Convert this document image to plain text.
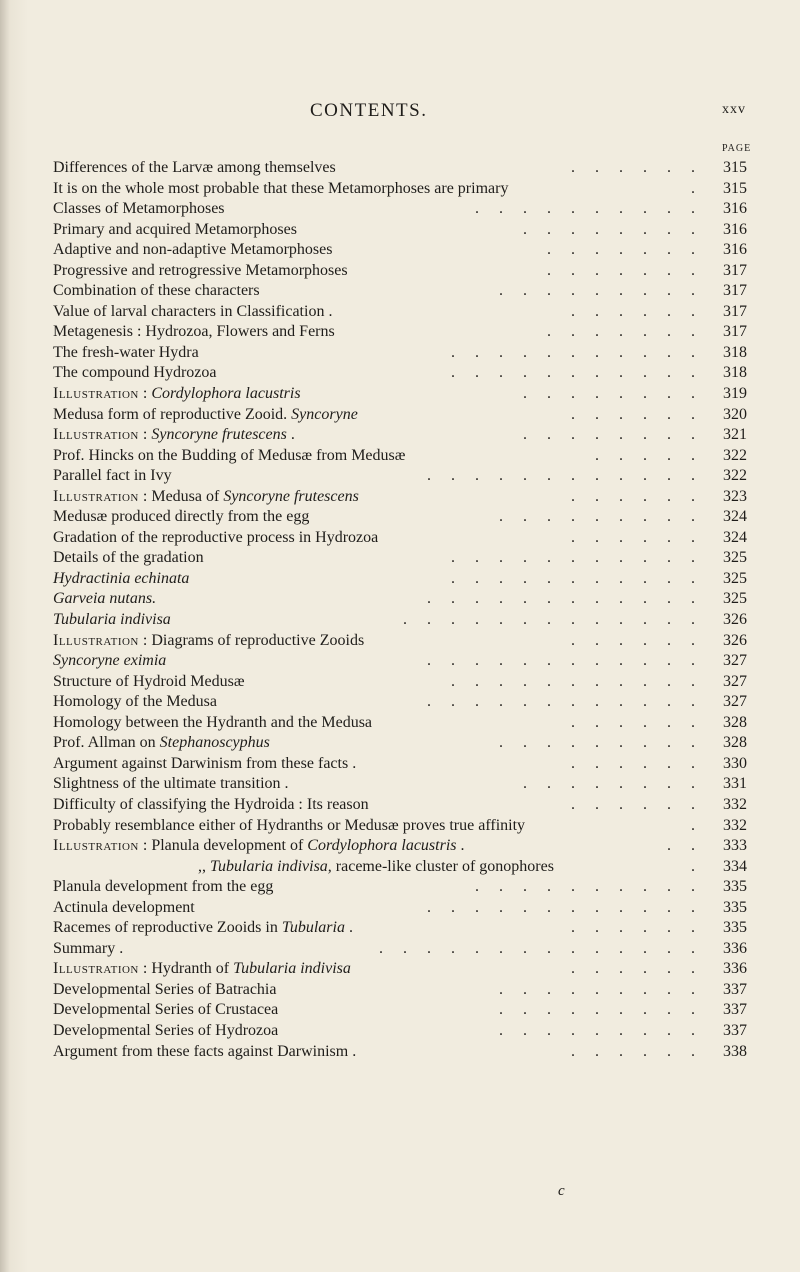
CONTENTS.	xxv
PAGE
Differences of the Larvæ among themselves	. . . . . . 315
It is on the whole most probable that these Metamorphoses are primary	. 315
Classes of Metamorphoses	. . . . . . . . . . 316
Primary and acquired Metamorphoses	. . . . . . . . 316
Adaptive and non-adaptive Metamorphoses	. . . . . . . 316
Progressive and retrogressive Metamorphoses	. . . . . . . 317
Combination of these characters	. . . . . . . . . 317
Value of larval characters in Classification .	. . . . . . 317
Metagenesis : Hydrozoa, Flowers and Ferns	. . . . . . . 317
The fresh-water Hydra	. . . . . . . . . . . 318
The compound Hydrozoa	. . . . . . . . . . . 318
Illustration : Cordylophora lacustris	. . . . . . . . 319
Medusa form of reproductive Zooid. Syncoryne	. . . . . . 320
Illustration : Syncoryne frutescens .	. . . . . . . . 321
Prof. Hincks on the Budding of Medusæ from Medusæ	. . . . . 322
Parallel fact in Ivy	. . . . . . . . . . . . 322
Illustration : Medusa of Syncoryne frutescens	. . . . . . 323
Medusæ produced directly from the egg	. . . . . . . . . 324
Gradation of the reproductive process in Hydrozoa	. . . . . . 324
Details of the gradation	. . . . . . . . . . . 325
Hydractinia echinata	. . . . . . . . . . . 325
Garveia nutans.	. . . . . . . . . . . . 325
Tubularia indivisa	. . . . . . . . . . . . . 326
Illustration : Diagrams of reproductive Zooids	. . . . . . 326
Syncoryne eximia	. . . . . . . . . . . . 327
Structure of Hydroid Medusæ	. . . . . . . . . . . 327
Homology of the Medusa	. . . . . . . . . . . . 327
Homology between the Hydranth and the Medusa	. . . . . . 328
Prof. Allman on Stephanoscyphus	. . . . . . . . . 328
Argument against Darwinism from these facts .	. . . . . . 330
Slightness of the ultimate transition .	. . . . . . . . 331
Difficulty of classifying the Hydroida : Its reason	. . . . . . 332
Probably resemblance either of Hydranths or Medusæ proves true affinity	. 332
Illustration : Planula development of Cordylophora lacustris .	. . 333
,, Tubularia indivisa, raceme-like cluster of gonophores	. 334
Planula development from the egg	. . . . . . . . . . 335
Actinula development	. . . . . . . . . . . . 335
Racemes of reproductive Zooids in Tubularia .	. . . . . . 335
Summary .	. . . . . . . . . . . . . . 336
Illustration : Hydranth of Tubularia indivisa	. . . . . . 336
Developmental Series of Batrachia	. . . . . . . . . 337
Developmental Series of Crustacea	. . . . . . . . . 337
Developmental Series of Hydrozoa	. . . . . . . . . 337
Argument from these facts against Darwinism .	. . . . . . 338
c
